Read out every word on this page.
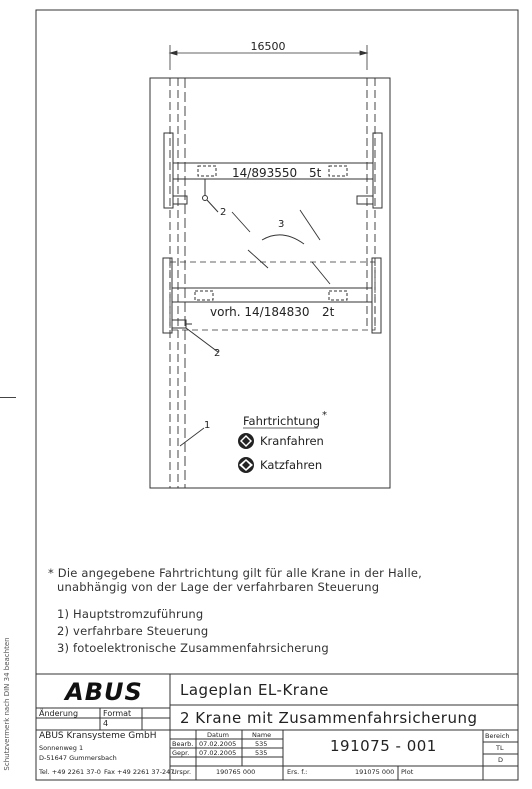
Schutzvermerk nach DIN 34 beachten
16500
14/893550 5t
2
3
vorh. 14/184830 2t
2
1	Fahrtrichtung *
Kranfahren
Katzfahren
ABUS
* Die angegebene Fahrtrichtung gilt für alle Krane in der Halle,
unabhängig von der Lage der verfahrbaren Steuerung
1) Hauptstromzuführung
2) verfahrbare Steuerung
3) fotoelektronische Zusammenfahrsicherung
Lageplan EL-Krane
2 Krane mit Zusammenfahrsicherung
Änderung	Format
4
ABUS Kransysteme GmbH
Sonnenweg 1
D-51647 Gummersbach
Tel. +49 2261 37-0 Fax +49 2261 37-247
Datum	Name
Bearb. 07.02.2005	535
Gepr. 07.02.2005	535
Urspr.	190765 000
191075 - 001
Ers. f.:	191075 000 Plot
Bereich
TL
D
